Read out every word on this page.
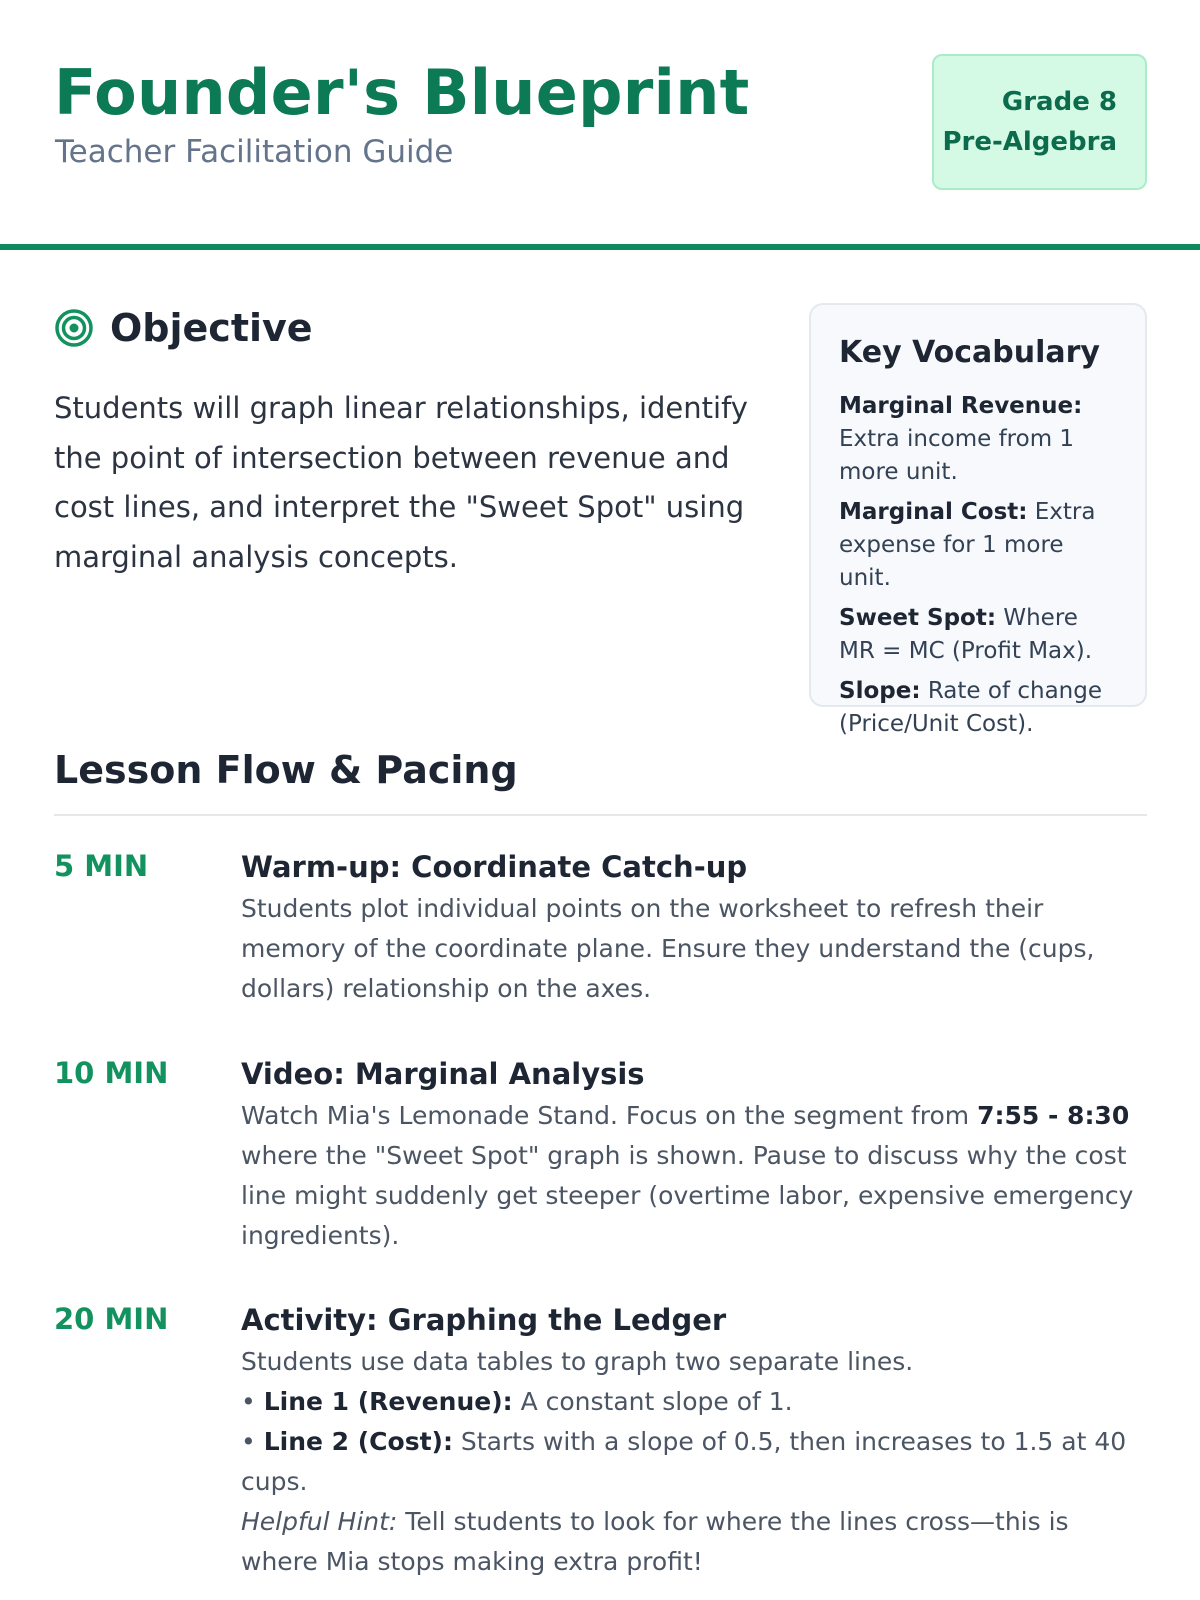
Founder's Blueprint
Teacher Facilitation Guide
Grade 8
Pre-Algebra
Objective

Students will graph linear relationships, identify the point of intersection between revenue and cost lines, and interpret the "Sweet Spot" using marginal analysis concepts.

Key Vocabulary
Marginal Revenue: Extra income from 1 more unit.
Marginal Cost: Extra expense for 1 more unit.
Sweet Spot: Where MR = MC (Profit Max).
Slope: Rate of change (Price/Unit Cost).
Lesson Flow & Pacing
5 MIN	Warm-up: Coordinate Catch-up
Students plot individual points on the worksheet to refresh their memory of the coordinate plane. Ensure they understand the (cups, dollars) relationship on the axes.
10 MIN	Video: Marginal Analysis
Watch Mia's Lemonade Stand. Focus on the segment from 7:55 - 8:30 where the "Sweet Spot" graph is shown. Pause to discuss why the cost line might suddenly get steeper (overtime labor, expensive emergency ingredients).
20 MIN	Activity: Graphing the Ledger
Students use data tables to graph two separate lines.
• Line 1 (Revenue): A constant slope of 1.
• Line 2 (Cost): Starts with a slope of 0.5, then increases to 1.5 at 40 cups.
Helpful Hint: Tell students to look for where the lines cross—this is where Mia stops making extra profit!
